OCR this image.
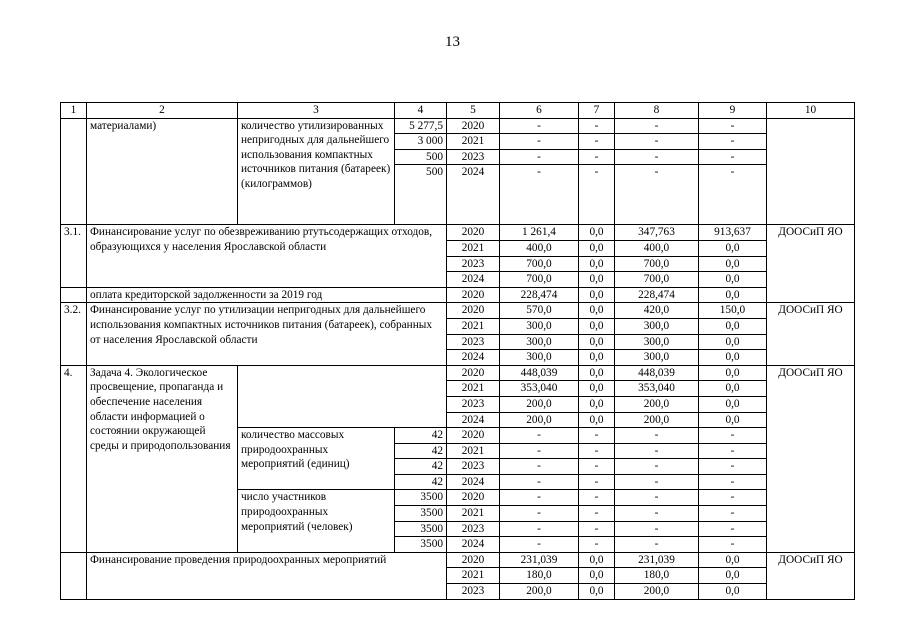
13
1	2	3	4	5	6	7	8	9	10
	материалами)	количество утилизированных непригодных для дальнейшего использования компактных источников питания (батареек) (килограммов)	5 277,5	2020	-	-	-	-	
			3 000	2021	-	-	-	-	
			500	2023	-	-	-	-	
			500	2024	-	-	-	-	
3.1.	Финансирование услуг по обезвреживанию ртутьсодержащих отходов, образующихся у населения Ярославской области			2020	1 261,4	0,0	347,763	913,637	ДООСиП ЯО
				2021	400,0	0,0	400,0	0,0	
				2023	700,0	0,0	700,0	0,0	
				2024	700,0	0,0	700,0	0,0	
	оплата кредиторской задолженности за 2019 год			2020	228,474	0,0	228,474	0,0	
3.2.	Финансирование услуг по утилизации непригодных для дальнейшего использования компактных источников питания (батареек), собранных от населения Ярославской области			2020	570,0	0,0	420,0	150,0	ДООСиП ЯО
				2021	300,0	0,0	300,0	0,0	
				2023	300,0	0,0	300,0	0,0	
				2024	300,0	0,0	300,0	0,0	
4.	Задача 4. Экологическое просвещение, пропаганда и обеспечение населения области информацией о состоянии окружающей среды и природопользования			2020	448,039	0,0	448,039	0,0	ДООСиП ЯО
				2021	353,040	0,0	353,040	0,0	
				2023	200,0	0,0	200,0	0,0	
				2024	200,0	0,0	200,0	0,0	
		количество массовых природоохранных мероприятий (единиц)	42	2020	-	-	-	-	
			42	2021	-	-	-	-	
			42	2023	-	-	-	-	
			42	2024	-	-	-	-	
		число участников природоохранных мероприятий (человек)	3500	2020	-	-	-	-	
			3500	2021	-	-	-	-	
			3500	2023	-	-	-	-	
			3500	2024	-	-	-	-	
	Финансирование проведения природоохранных мероприятий			2020	231,039	0,0	231,039	0,0	ДООСиП ЯО
				2021	180,0	0,0	180,0	0,0	
				2023	200,0	0,0	200,0	0,0	
